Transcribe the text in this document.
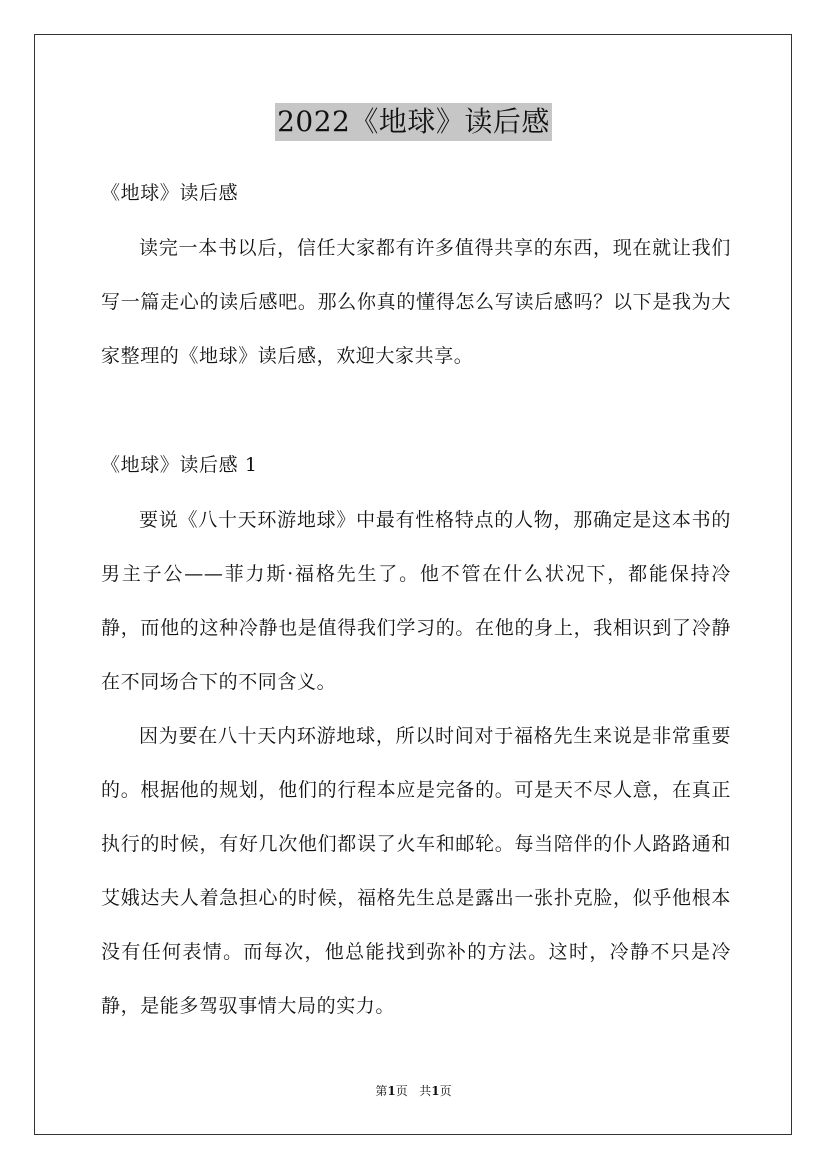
2022《地球》读后感
《地球》读后感

读完一本书以后，信任大家都有许多值得共享的东西，现在就让我们写一篇走心的读后感吧。那么你真的懂得怎么写读后感吗？以下是我为大家整理的《地球》读后感，欢迎大家共享。

《地球》读后感 1

要说《八十天环游地球》中最有性格特点的人物，那确定是这本书的男主子公——菲力斯·福格先生了。他不管在什么状况下，都能保持冷静，而他的这种冷静也是值得我们学习的。在他的身上，我相识到了冷静在不同场合下的不同含义。

因为要在八十天内环游地球，所以时间对于福格先生来说是非常重要的。根据他的规划，他们的行程本应是完备的。可是天不尽人意，在真正执行的时候，有好几次他们都误了火车和邮轮。每当陪伴的仆人路路通和艾娥达夫人着急担心的时候，福格先生总是露出一张扑克脸，似乎他根本没有任何表情。而每次，他总能找到弥补的方法。这时，冷静不只是冷静，是能多驾驭事情大局的实力。

第1页 共1页
